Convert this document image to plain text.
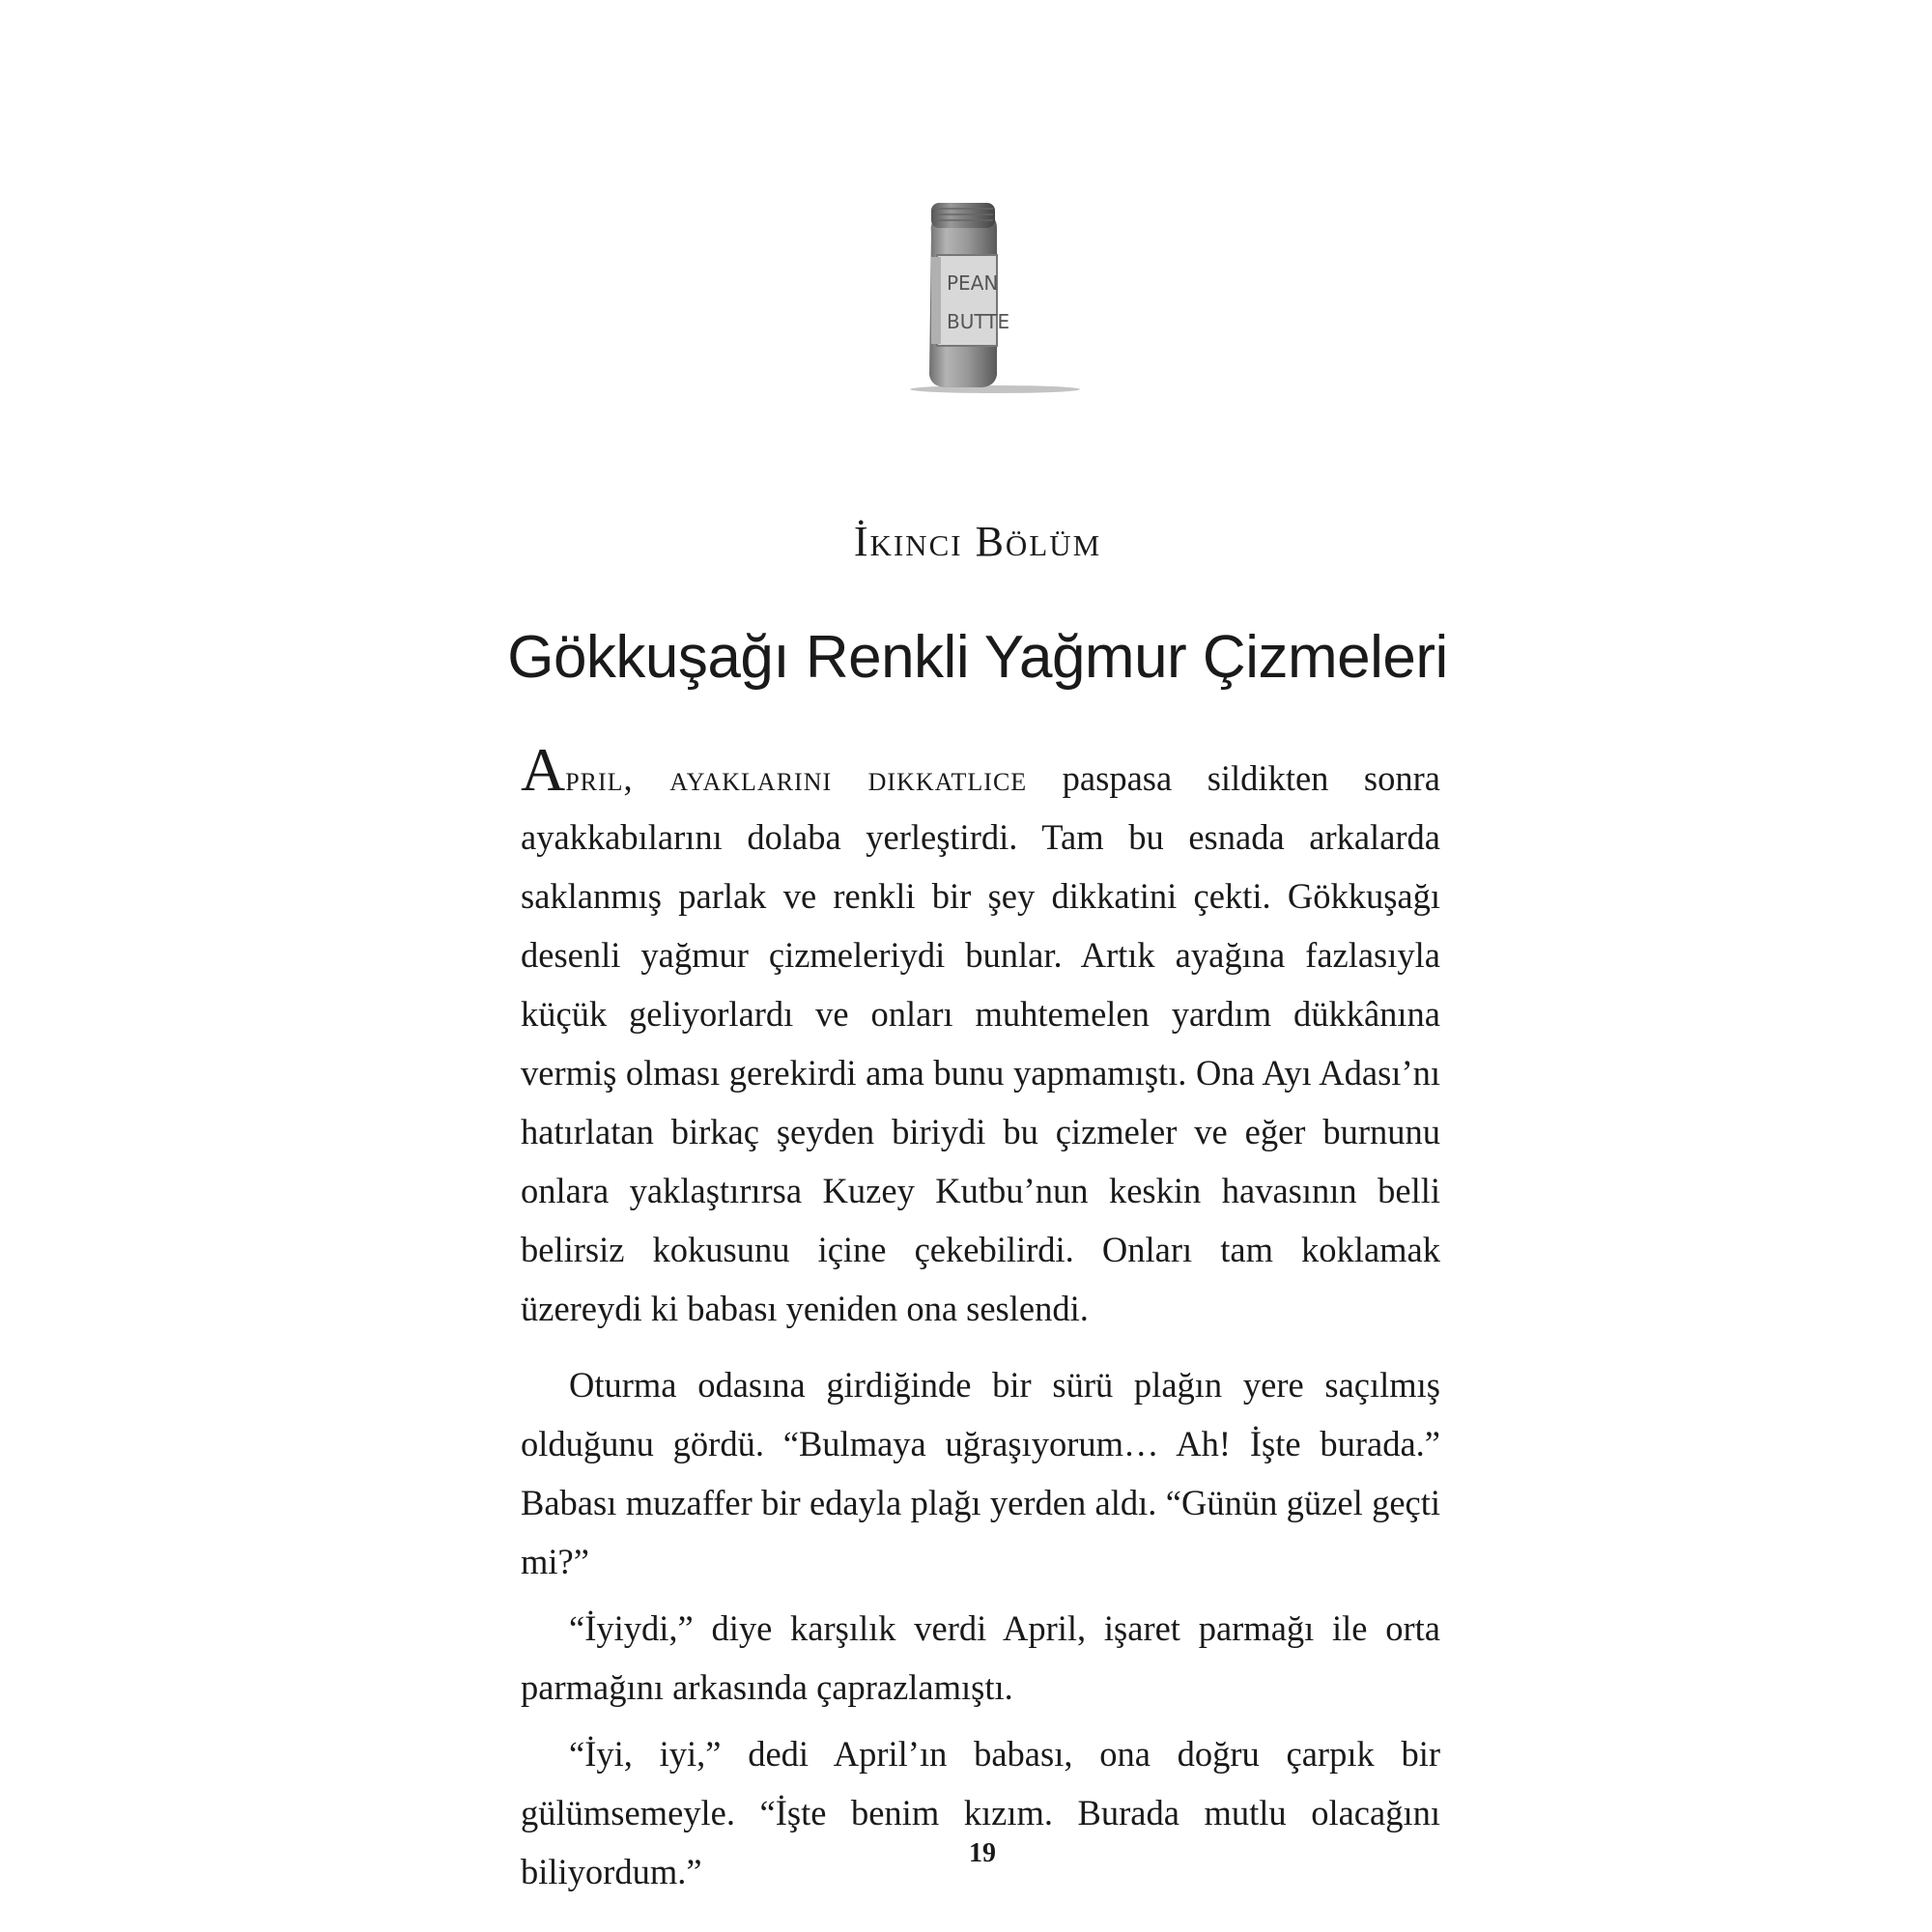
PEAN
BUTTE
İkinci Bölüm
Gökkuşağı Renkli Yağmur Çizmeleri

April, ayaklarını dikkatlice paspasa sildikten sonra ayakkabılarını dolaba yerleştirdi. Tam bu esnada arkalarda saklanmış parlak ve renkli bir şey dikkatini çekti. Gökkuşağı desenli yağmur çizmeleriydi bunlar. Artık ayağına fazlasıyla küçük geliyorlardı ve onları muhtemelen yardım dükkânına vermiş olması gerekirdi ama bunu yapmamıştı. Ona Ayı Adası’nı hatırlatan birkaç şeyden biriydi bu çizmeler ve eğer burnunu onlara yaklaştırırsa Kuzey Kutbu’nun keskin havasının belli belirsiz kokusunu içine çekebilirdi. Onları tam koklamak üzereydi ki babası yeniden ona seslendi.

Oturma odasına girdiğinde bir sürü plağın yere saçılmış olduğunu gördü. “Bulmaya uğraşıyorum… Ah! İşte burada.” Babası muzaffer bir edayla plağı yerden aldı. “Günün güzel geçti mi?”

“İyiydi,” diye karşılık verdi April, işaret parmağı ile orta parmağını arkasında çaprazlamıştı.

“İyi, iyi,” dedi April’ın babası, ona doğru çarpık bir gülümsemeyle. “İşte benim kızım. Burada mutlu olacağını biliyordum.”	19
